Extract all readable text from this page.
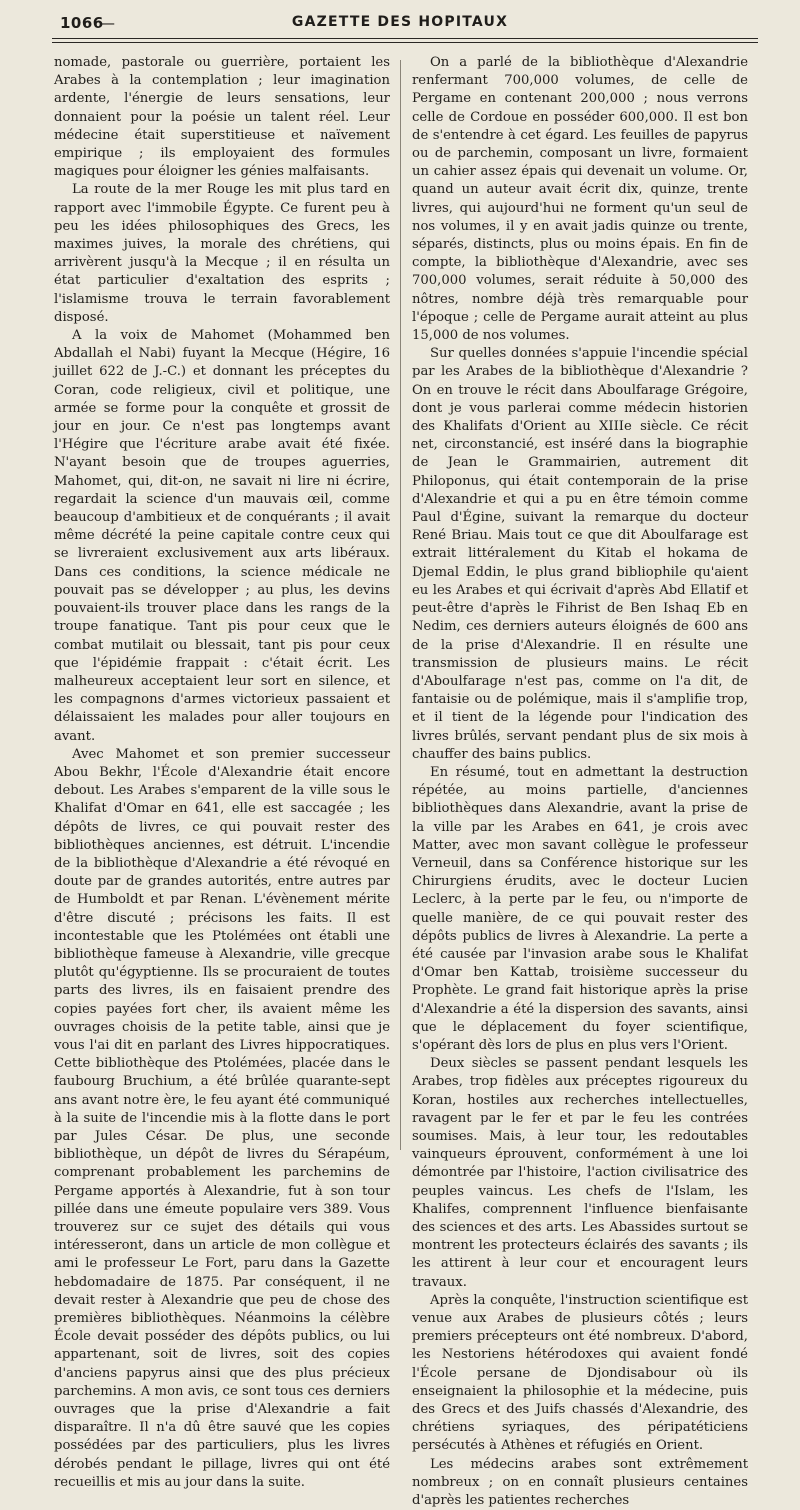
1066
—	GAZETTE DES HOPITAUX

nomade, pastorale ou guerrière, portaient les Arabes à la contemplation ; leur imagination ardente, l'énergie de leurs sensations, leur donnaient pour la poésie un talent réel. Leur médecine était superstitieuse et naïvement empirique ; ils employaient des formules magiques pour éloigner les génies malfaisants.

La route de la mer Rouge les mit plus tard en rapport avec l'immobile Égypte. Ce furent peu à peu les idées philosophiques des Grecs, les maximes juives, la morale des chrétiens, qui arrivèrent jusqu'à la Mecque ; il en résulta un état particulier d'exaltation des esprits ; l'islamisme trouva le terrain favorablement disposé.

A la voix de Mahomet (Mohammed ben Abdallah el Nabi) fuyant la Mecque (Hégire, 16 juillet 622 de J.-C.) et donnant les préceptes du Coran, code religieux, civil et politique, une armée se forme pour la conquête et grossit de jour en jour. Ce n'est pas longtemps avant l'Hégire que l'écriture arabe avait été fixée. N'ayant besoin que de troupes aguerries, Mahomet, qui, dit-on, ne savait ni lire ni écrire, regardait la science d'un mauvais œil, comme beaucoup d'ambitieux et de conquérants ; il avait même décrété la peine capitale contre ceux qui se livreraient exclusivement aux arts libéraux. Dans ces conditions, la science médicale ne pouvait pas se développer ; au plus, les devins pouvaient-ils trouver place dans les rangs de la troupe fanatique. Tant pis pour ceux que le combat mutilait ou blessait, tant pis pour ceux que l'épidémie frappait : c'était écrit. Les malheureux acceptaient leur sort en silence, et les compagnons d'armes victorieux passaient et délaissaient les malades pour aller toujours en avant.

Avec Mahomet et son premier successeur Abou Bekhr, l'École d'Alexandrie était encore debout. Les Arabes s'emparent de la ville sous le Khalifat d'Omar en 641, elle est saccagée ; les dépôts de livres, ce qui pouvait rester des bibliothèques anciennes, est détruit. L'incendie de la bibliothèque d'Alexandrie a été révoqué en doute par de grandes autorités, entre autres par de Humboldt et par Renan. L'évènement mérite d'être discuté ; précisons les faits. Il est incontestable que les Ptolémées ont établi une bibliothèque fameuse à Alexandrie, ville grecque plutôt qu'égyptienne. Ils se procuraient de toutes parts des livres, ils en faisaient prendre des copies payées fort cher, ils avaient même les ouvrages choisis de la petite table, ainsi que je vous l'ai dit en parlant des Livres hippocratiques. Cette bibliothèque des Ptolémées, placée dans le faubourg Bruchium, a été brûlée quarante-sept ans avant notre ère, le feu ayant été communiqué à la suite de l'incendie mis à la flotte dans le port par Jules César. De plus, une seconde bibliothèque, un dépôt de livres du Sérapéum, comprenant probablement les parchemins de Pergame apportés à Alexandrie, fut à son tour pillée dans une émeute populaire vers 389. Vous trouverez sur ce sujet des détails qui vous intéresseront, dans un article de mon collègue et ami le professeur Le Fort, paru dans la Gazette hebdomadaire de 1875. Par conséquent, il ne devait rester à Alexandrie que peu de chose des premières bibliothèques. Néanmoins la célèbre École devait posséder des dépôts publics, ou lui appartenant, soit de livres, soit des copies d'anciens papyrus ainsi que des plus précieux parchemins. A mon avis, ce sont tous ces derniers ouvrages que la prise d'Alexandrie a fait disparaître. Il n'a dû être sauvé que les copies possédées par des particuliers, plus les livres dérobés pendant le pillage, livres qui ont été recueillis et mis au jour dans la suite.

On a parlé de la bibliothèque d'Alexandrie renfermant 700,000 volumes, de celle de Pergame en contenant 200,000 ; nous verrons celle de Cordoue en posséder 600,000. Il est bon de s'entendre à cet égard. Les feuilles de papyrus ou de parchemin, composant un livre, formaient un cahier assez épais qui devenait un volume. Or, quand un auteur avait écrit dix, quinze, trente livres, qui aujourd'hui ne forment qu'un seul de nos volumes, il y en avait jadis quinze ou trente, séparés, distincts, plus ou moins épais. En fin de compte, la bibliothèque d'Alexandrie, avec ses 700,000 volumes, serait réduite à 50,000 des nôtres, nombre déjà très remarquable pour l'époque ; celle de Pergame aurait atteint au plus 15,000 de nos volumes.

Sur quelles données s'appuie l'incendie spécial par les Arabes de la bibliothèque d'Alexandrie ? On en trouve le récit dans Aboulfarage Grégoire, dont je vous parlerai comme médecin historien des Khalifats d'Orient au XIIIe siècle. Ce récit net, circonstancié, est inséré dans la biographie de Jean le Grammairien, autrement dit Philoponus, qui était contemporain de la prise d'Alexandrie et qui a pu en être témoin comme Paul d'Égine, suivant la remarque du docteur René Briau. Mais tout ce que dit Aboulfarage est extrait littéralement du Kitab el hokama de Djemal Eddin, le plus grand bibliophile qu'aient eu les Arabes et qui écrivait d'après Abd Ellatif et peut-être d'après le Fihrist de Ben Ishaq Eb en Nedim, ces derniers auteurs éloignés de 600 ans de la prise d'Alexandrie. Il en résulte une transmission de plusieurs mains. Le récit d'Aboulfarage n'est pas, comme on l'a dit, de fantaisie ou de polémique, mais il s'amplifie trop, et il tient de la légende pour l'indication des livres brûlés, servant pendant plus de six mois à chauffer des bains publics.

En résumé, tout en admettant la destruction répétée, au moins partielle, d'anciennes bibliothèques dans Alexandrie, avant la prise de la ville par les Arabes en 641, je crois avec Matter, avec mon savant collègue le professeur Verneuil, dans sa Conférence historique sur les Chirurgiens érudits, avec le docteur Lucien Leclerc, à la perte par le feu, ou n'importe de quelle manière, de ce qui pouvait rester des dépôts publics de livres à Alexandrie. La perte a été causée par l'invasion arabe sous le Khalifat d'Omar ben Kattab, troisième successeur du Prophète. Le grand fait historique après la prise d'Alexandrie a été la dispersion des savants, ainsi que le déplacement du foyer scientifique, s'opérant dès lors de plus en plus vers l'Orient.

Deux siècles se passent pendant lesquels les Arabes, trop fidèles aux préceptes rigoureux du Koran, hostiles aux recherches intellectuelles, ravagent par le fer et par le feu les contrées soumises. Mais, à leur tour, les redoutables vainqueurs éprouvent, conformément à une loi démontrée par l'histoire, l'action civilisatrice des peuples vaincus. Les chefs de l'Islam, les Khalifes, comprennent l'influence bienfaisante des sciences et des arts. Les Abassides surtout se montrent les protecteurs éclairés des savants ; ils les attirent à leur cour et encouragent leurs travaux.

Après la conquête, l'instruction scientifique est venue aux Arabes de plusieurs côtés ; leurs premiers précepteurs ont été nombreux. D'abord, les Nestoriens hétérodoxes qui avaient fondé l'École persane de Djondisabour où ils enseignaient la philosophie et la médecine, puis des Grecs et des Juifs chassés d'Alexandrie, des chrétiens syriaques, des péripatéticiens persécutés à Athènes et réfugiés en Orient.

Les médecins arabes sont extrêmement nombreux ; on en connaît plusieurs centaines d'après les patientes recherches
